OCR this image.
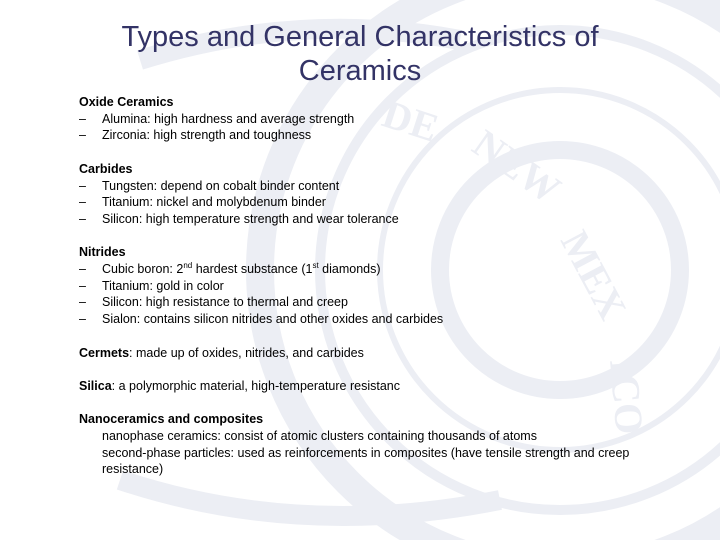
DE NEW
MEX
ICO
Types and General Characteristics of Ceramics
Oxide Ceramics
– Alumina: high hardness and average strength
– Zirconia: high strength and toughness
Carbides
– Tungsten: depend on cobalt binder content
– Titanium: nickel and molybdenum binder
– Silicon: high temperature strength and wear tolerance
Nitrides
– Cubic boron: 2nd hardest substance (1st diamonds)
– Titanium: gold in color
– Silicon: high resistance to thermal and creep
– Sialon: contains silicon nitrides and other oxides and carbides
Cermets: made up of oxides, nitrides, and carbides
Silica: a polymorphic material, high-temperature resistanc
Nanoceramics and composites
nanophase ceramics: consist of atomic clusters containing thousands of atoms
second-phase particles: used as reinforcements in composites (have tensile strength and creep resistance)
